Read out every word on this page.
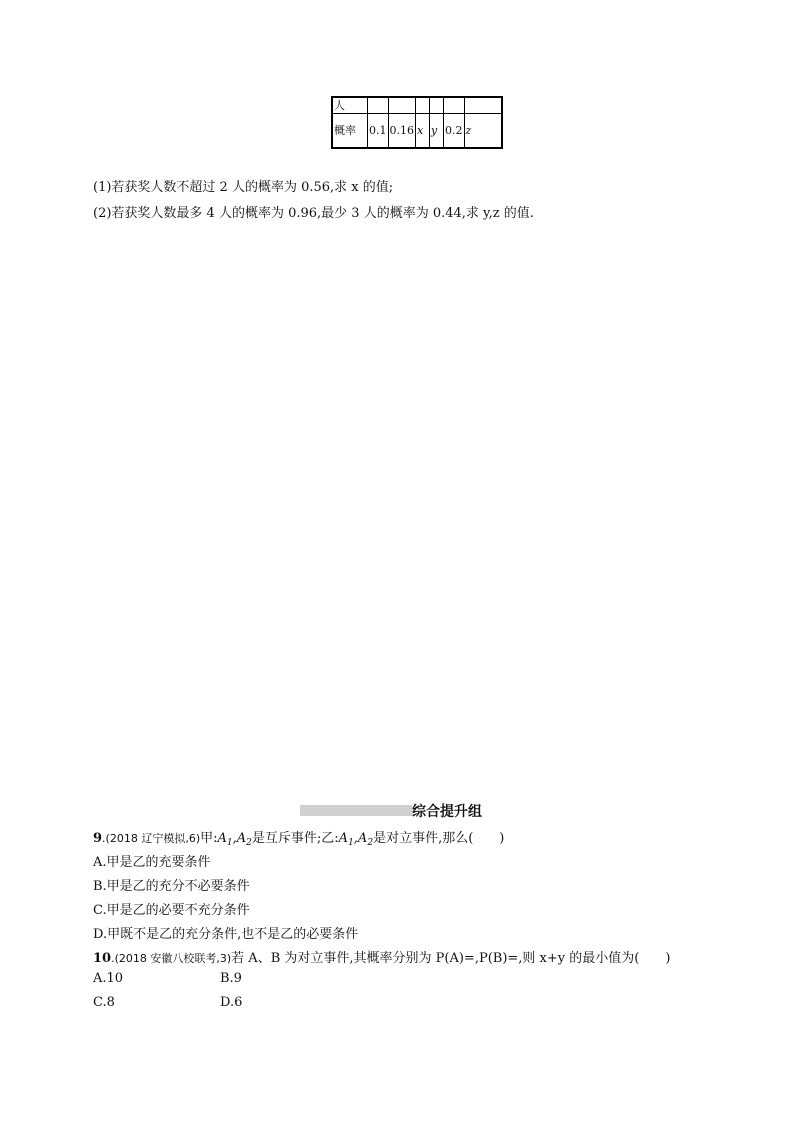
人						
概率	0.1	0.16	x	y	0.2	z
(1)若获奖人数不超过 2 人的概率为 0.56,求 x 的值;
(2)若获奖人数最多 4 人的概率为 0.96,最少 3 人的概率为 0.44,求 y,z 的值.
综合提升组
9.(2018 辽宁模拟,6)甲$:A_1,A_2$是互斥事件;乙$:A_1,A_2$是对立事件,那么(　　)
A.甲是乙的充要条件
B.甲是乙的充分不必要条件
C.甲是乙的必要不充分条件
D.甲既不是乙的充分条件,也不是乙的必要条件
10.(2018 安徽八校联考,3)若 A、B 为对立事件,其概率分别为 P(A)=,P(B)=,则 x+y 的最小值为(　　)
A.10	B.9
C.8	D.6
